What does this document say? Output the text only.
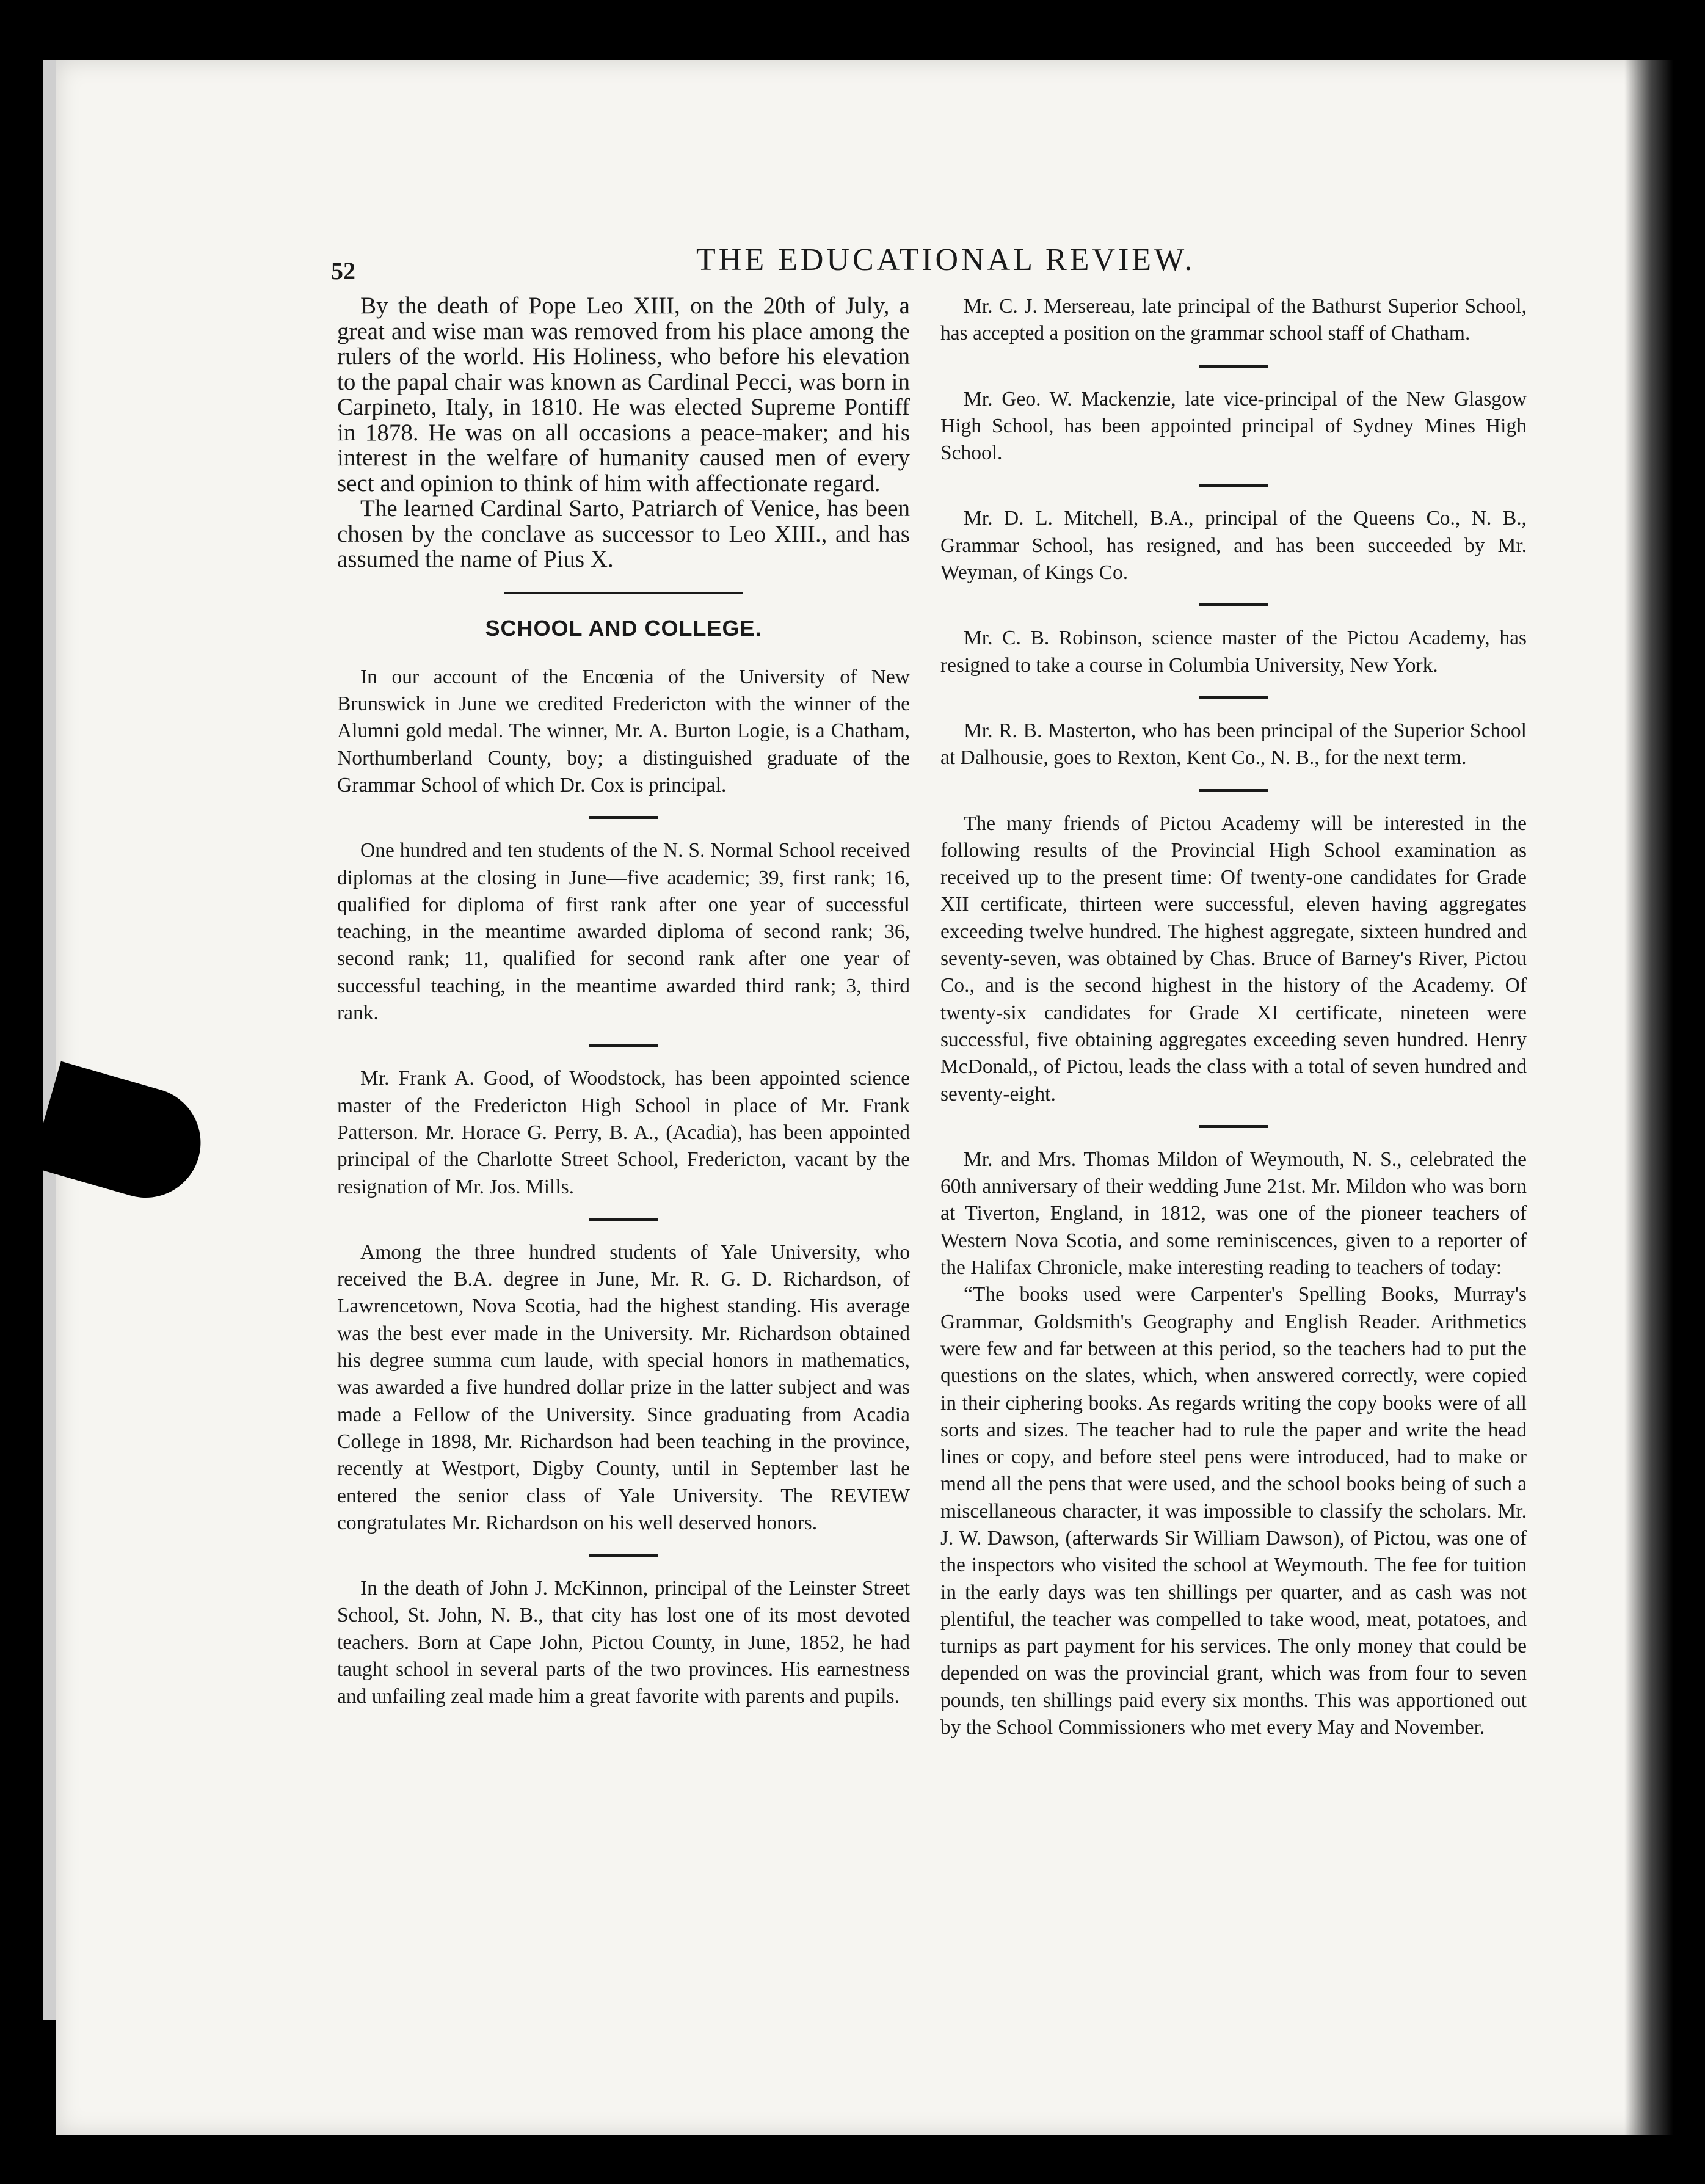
52	THE EDUCATIONAL REVIEW.

By the death of Pope Leo XIII, on the 20th of July, a great and wise man was removed from his place among the rulers of the world. His Holiness, who before his elevation to the papal chair was known as Cardinal Pecci, was born in Carpineto, Italy, in 1810. He was elected Supreme Pontiff in 1878. He was on all occasions a peace-maker; and his interest in the welfare of humanity caused men of every sect and opinion to think of him with affectionate regard.

The learned Cardinal Sarto, Patriarch of Venice, has been chosen by the conclave as successor to Leo XIII., and has assumed the name of Pius X.

SCHOOL AND COLLEGE.

In our account of the Encœnia of the University of New Brunswick in June we credited Fredericton with the winner of the Alumni gold medal. The winner, Mr. A. Burton Logie, is a Chatham, Northumberland County, boy; a distinguished graduate of the Grammar School of which Dr. Cox is principal.

One hundred and ten students of the N. S. Normal School received diplomas at the closing in June—five academic; 39, first rank; 16, qualified for diploma of first rank after one year of successful teaching, in the meantime awarded diploma of second rank; 36, second rank; 11, qualified for second rank after one year of successful teaching, in the meantime awarded third rank; 3, third rank.

Mr. Frank A. Good, of Woodstock, has been appointed science master of the Fredericton High School in place of Mr. Frank Patterson. Mr. Horace G. Perry, B. A., (Acadia), has been appointed principal of the Charlotte Street School, Fredericton, vacant by the resignation of Mr. Jos. Mills.

Among the three hundred students of Yale University, who received the B.A. degree in June, Mr. R. G. D. Richardson, of Lawrencetown, Nova Scotia, had the highest standing. His average was the best ever made in the University. Mr. Richardson obtained his degree summa cum laude, with special honors in mathematics, was awarded a five hundred dollar prize in the latter subject and was made a Fellow of the University. Since graduating from Acadia College in 1898, Mr. Richardson had been teaching in the province, recently at Westport, Digby County, until in September last he entered the senior class of Yale University. The REVIEW congratulates Mr. Richardson on his well deserved honors.

In the death of John J. McKinnon, principal of the Leinster Street School, St. John, N. B., that city has lost one of its most devoted teachers. Born at Cape John, Pictou County, in June, 1852, he had taught school in several parts of the two provinces. His earnestness and unfailing zeal made him a great favorite with parents and pupils.

Mr. C. J. Mersereau, late principal of the Bathurst Superior School, has accepted a position on the grammar school staff of Chatham.

Mr. Geo. W. Mackenzie, late vice-principal of the New Glasgow High School, has been appointed principal of Sydney Mines High School.

Mr. D. L. Mitchell, B.A., principal of the Queens Co., N. B., Grammar School, has resigned, and has been succeeded by Mr. Weyman, of Kings Co.

Mr. C. B. Robinson, science master of the Pictou Academy, has resigned to take a course in Columbia University, New York.

Mr. R. B. Masterton, who has been principal of the Superior School at Dalhousie, goes to Rexton, Kent Co., N. B., for the next term.

The many friends of Pictou Academy will be interested in the following results of the Provincial High School examination as received up to the present time: Of twenty-one candidates for Grade XII certificate, thirteen were successful, eleven having aggregates exceeding twelve hundred. The highest aggregate, sixteen hundred and seventy-seven, was obtained by Chas. Bruce of Barney's River, Pictou Co., and is the second highest in the history of the Academy. Of twenty-six candidates for Grade XI certificate, nineteen were successful, five obtaining aggregates exceeding seven hundred. Henry McDonald,, of Pictou, leads the class with a total of seven hundred and seventy-eight.

Mr. and Mrs. Thomas Mildon of Weymouth, N. S., celebrated the 60th anniversary of their wedding June 21st. Mr. Mildon who was born at Tiverton, England, in 1812, was one of the pioneer teachers of Western Nova Scotia, and some reminiscences, given to a reporter of the Halifax Chronicle, make interesting reading to teachers of today:

“The books used were Carpenter's Spelling Books, Murray's Grammar, Goldsmith's Geography and English Reader. Arithmetics were few and far between at this period, so the teachers had to put the questions on the slates, which, when answered correctly, were copied in their ciphering books. As regards writing the copy books were of all sorts and sizes. The teacher had to rule the paper and write the head lines or copy, and before steel pens were introduced, had to make or mend all the pens that were used, and the school books being of such a miscellaneous character, it was impossible to classify the scholars. Mr. J. W. Dawson, (afterwards Sir William Dawson), of Pictou, was one of the inspectors who visited the school at Weymouth. The fee for tuition in the early days was ten shillings per quarter, and as cash was not plentiful, the teacher was compelled to take wood, meat, potatoes, and turnips as part payment for his services. The only money that could be depended on was the provincial grant, which was from four to seven pounds, ten shillings paid every six months. This was apportioned out by the School Commissioners who met every May and November.
